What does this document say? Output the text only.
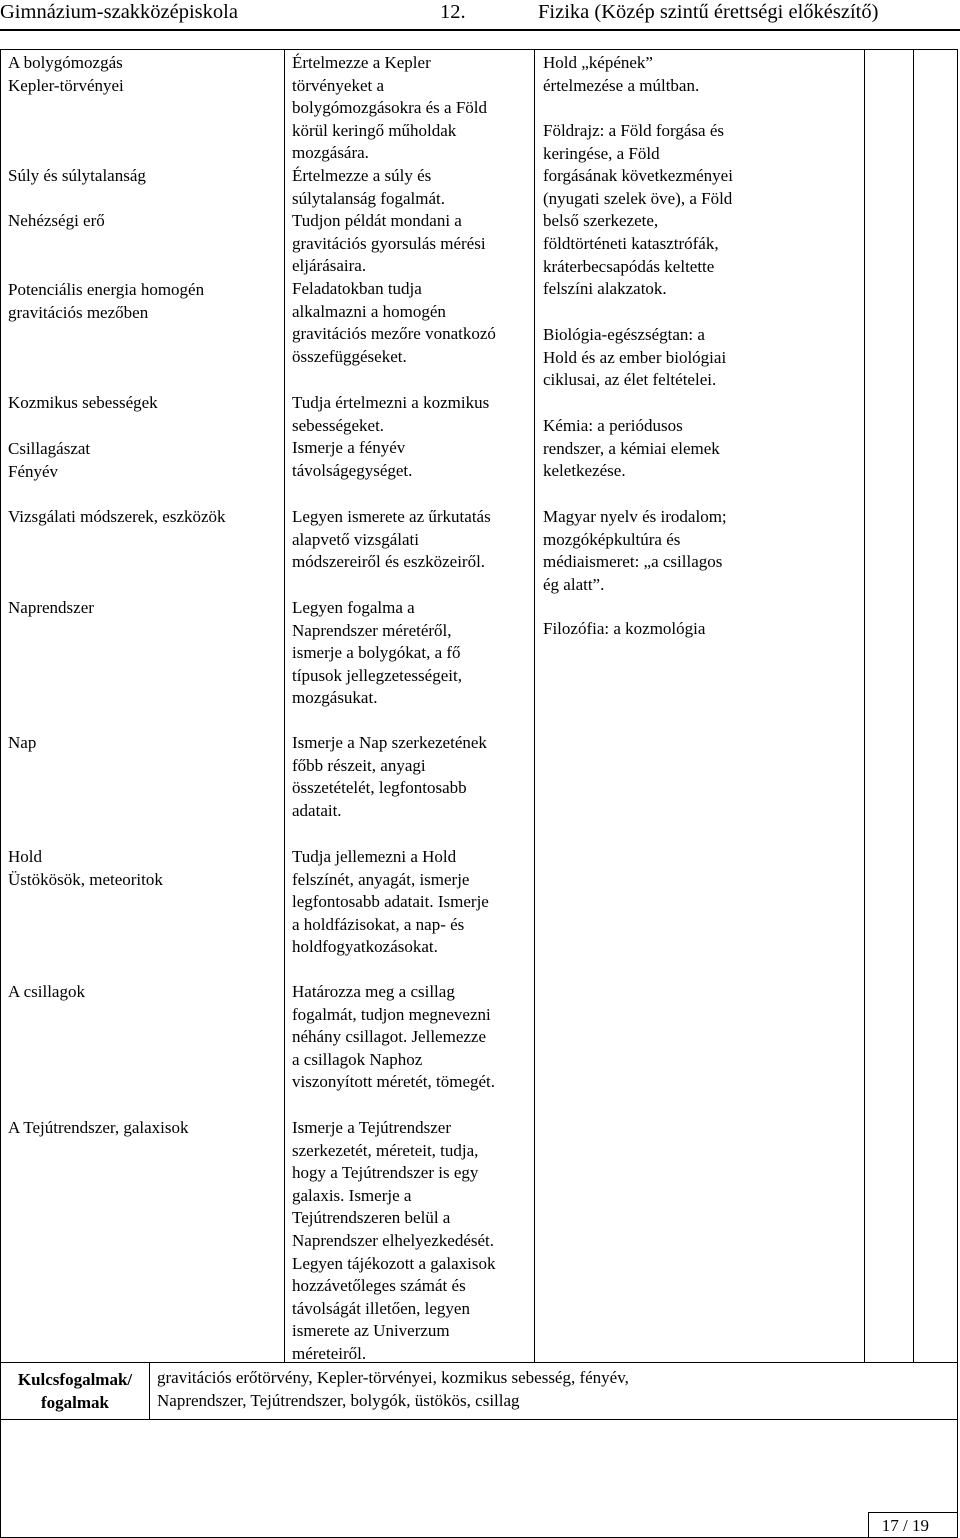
Gimnázium-szakközépiskola	12.	Fizika (Közép szintű érettségi előkészítő)
A bolygómozgás
Kepler-törvényei
Súly és súlytalanság
Nehézségi erő
Potenciális energia homogén
gravitációs mezőben
Kozmikus sebességek
Csillagászat
Fényév
Vizsgálati módszerek, eszközök
Naprendszer
Nap
Hold
Üstökösök, meteoritok
A csillagok
A Tejútrendszer, galaxisok
Értelmezze a Kepler
törvényeket a
bolygómozgásokra és a Föld
körül keringő műholdak
mozgására.
Értelmezze a súly és
súlytalanság fogalmát.
Tudjon példát mondani a
gravitációs gyorsulás mérési
eljárásaira.
Feladatokban tudja
alkalmazni a homogén
gravitációs mezőre vonatkozó
összefüggéseket.
Tudja értelmezni a kozmikus
sebességeket.
Ismerje a fényév
távolságegységet.
Legyen ismerete az űrkutatás
alapvető vizsgálati
módszereiről és eszközeiről.
Legyen fogalma a
Naprendszer méretéről,
ismerje a bolygókat, a fő
típusok jellegzetességeit,
mozgásukat.
Ismerje a Nap szerkezetének
főbb részeit, anyagi
összetételét, legfontosabb
adatait.
Tudja jellemezni a Hold
felszínét, anyagát, ismerje
legfontosabb adatait. Ismerje
a holdfázisokat, a nap- és
holdfogyatkozásokat.
Határozza meg a csillag
fogalmát, tudjon megnevezni
néhány csillagot. Jellemezze
a csillagok Naphoz
viszonyított méretét, tömegét.
Ismerje a Tejútrendszer
szerkezetét, méreteit, tudja,
hogy a Tejútrendszer is egy
galaxis. Ismerje a
Tejútrendszeren belül a
Naprendszer elhelyezkedését.
Legyen tájékozott a galaxisok
hozzávetőleges számát és
távolságát illetően, legyen
ismerete az Univerzum
méreteiről.
Hold „képének”
értelmezése a múltban.
Földrajz: a Föld forgása és
keringése, a Föld
forgásának következményei
(nyugati szelek öve), a Föld
belső szerkezete,
földtörténeti katasztrófák,
kráterbecsapódás keltette
felszíni alakzatok.
Biológia-egészségtan: a
Hold és az ember biológiai
ciklusai, az élet feltételei.
Kémia: a periódusos
rendszer, a kémiai elemek
keletkezése.
Magyar nyelv és irodalom;
mozgóképkultúra és
médiaismeret: „a csillagos
ég alatt”.
Filozófia: a kozmológia
Kulcsfogalmak/
fogalmak
gravitációs erőtörvény, Kepler-törvényei, kozmikus sebesség, fényév,
Naprendszer, Tejútrendszer, bolygók, üstökös, csillag
17 / 19
